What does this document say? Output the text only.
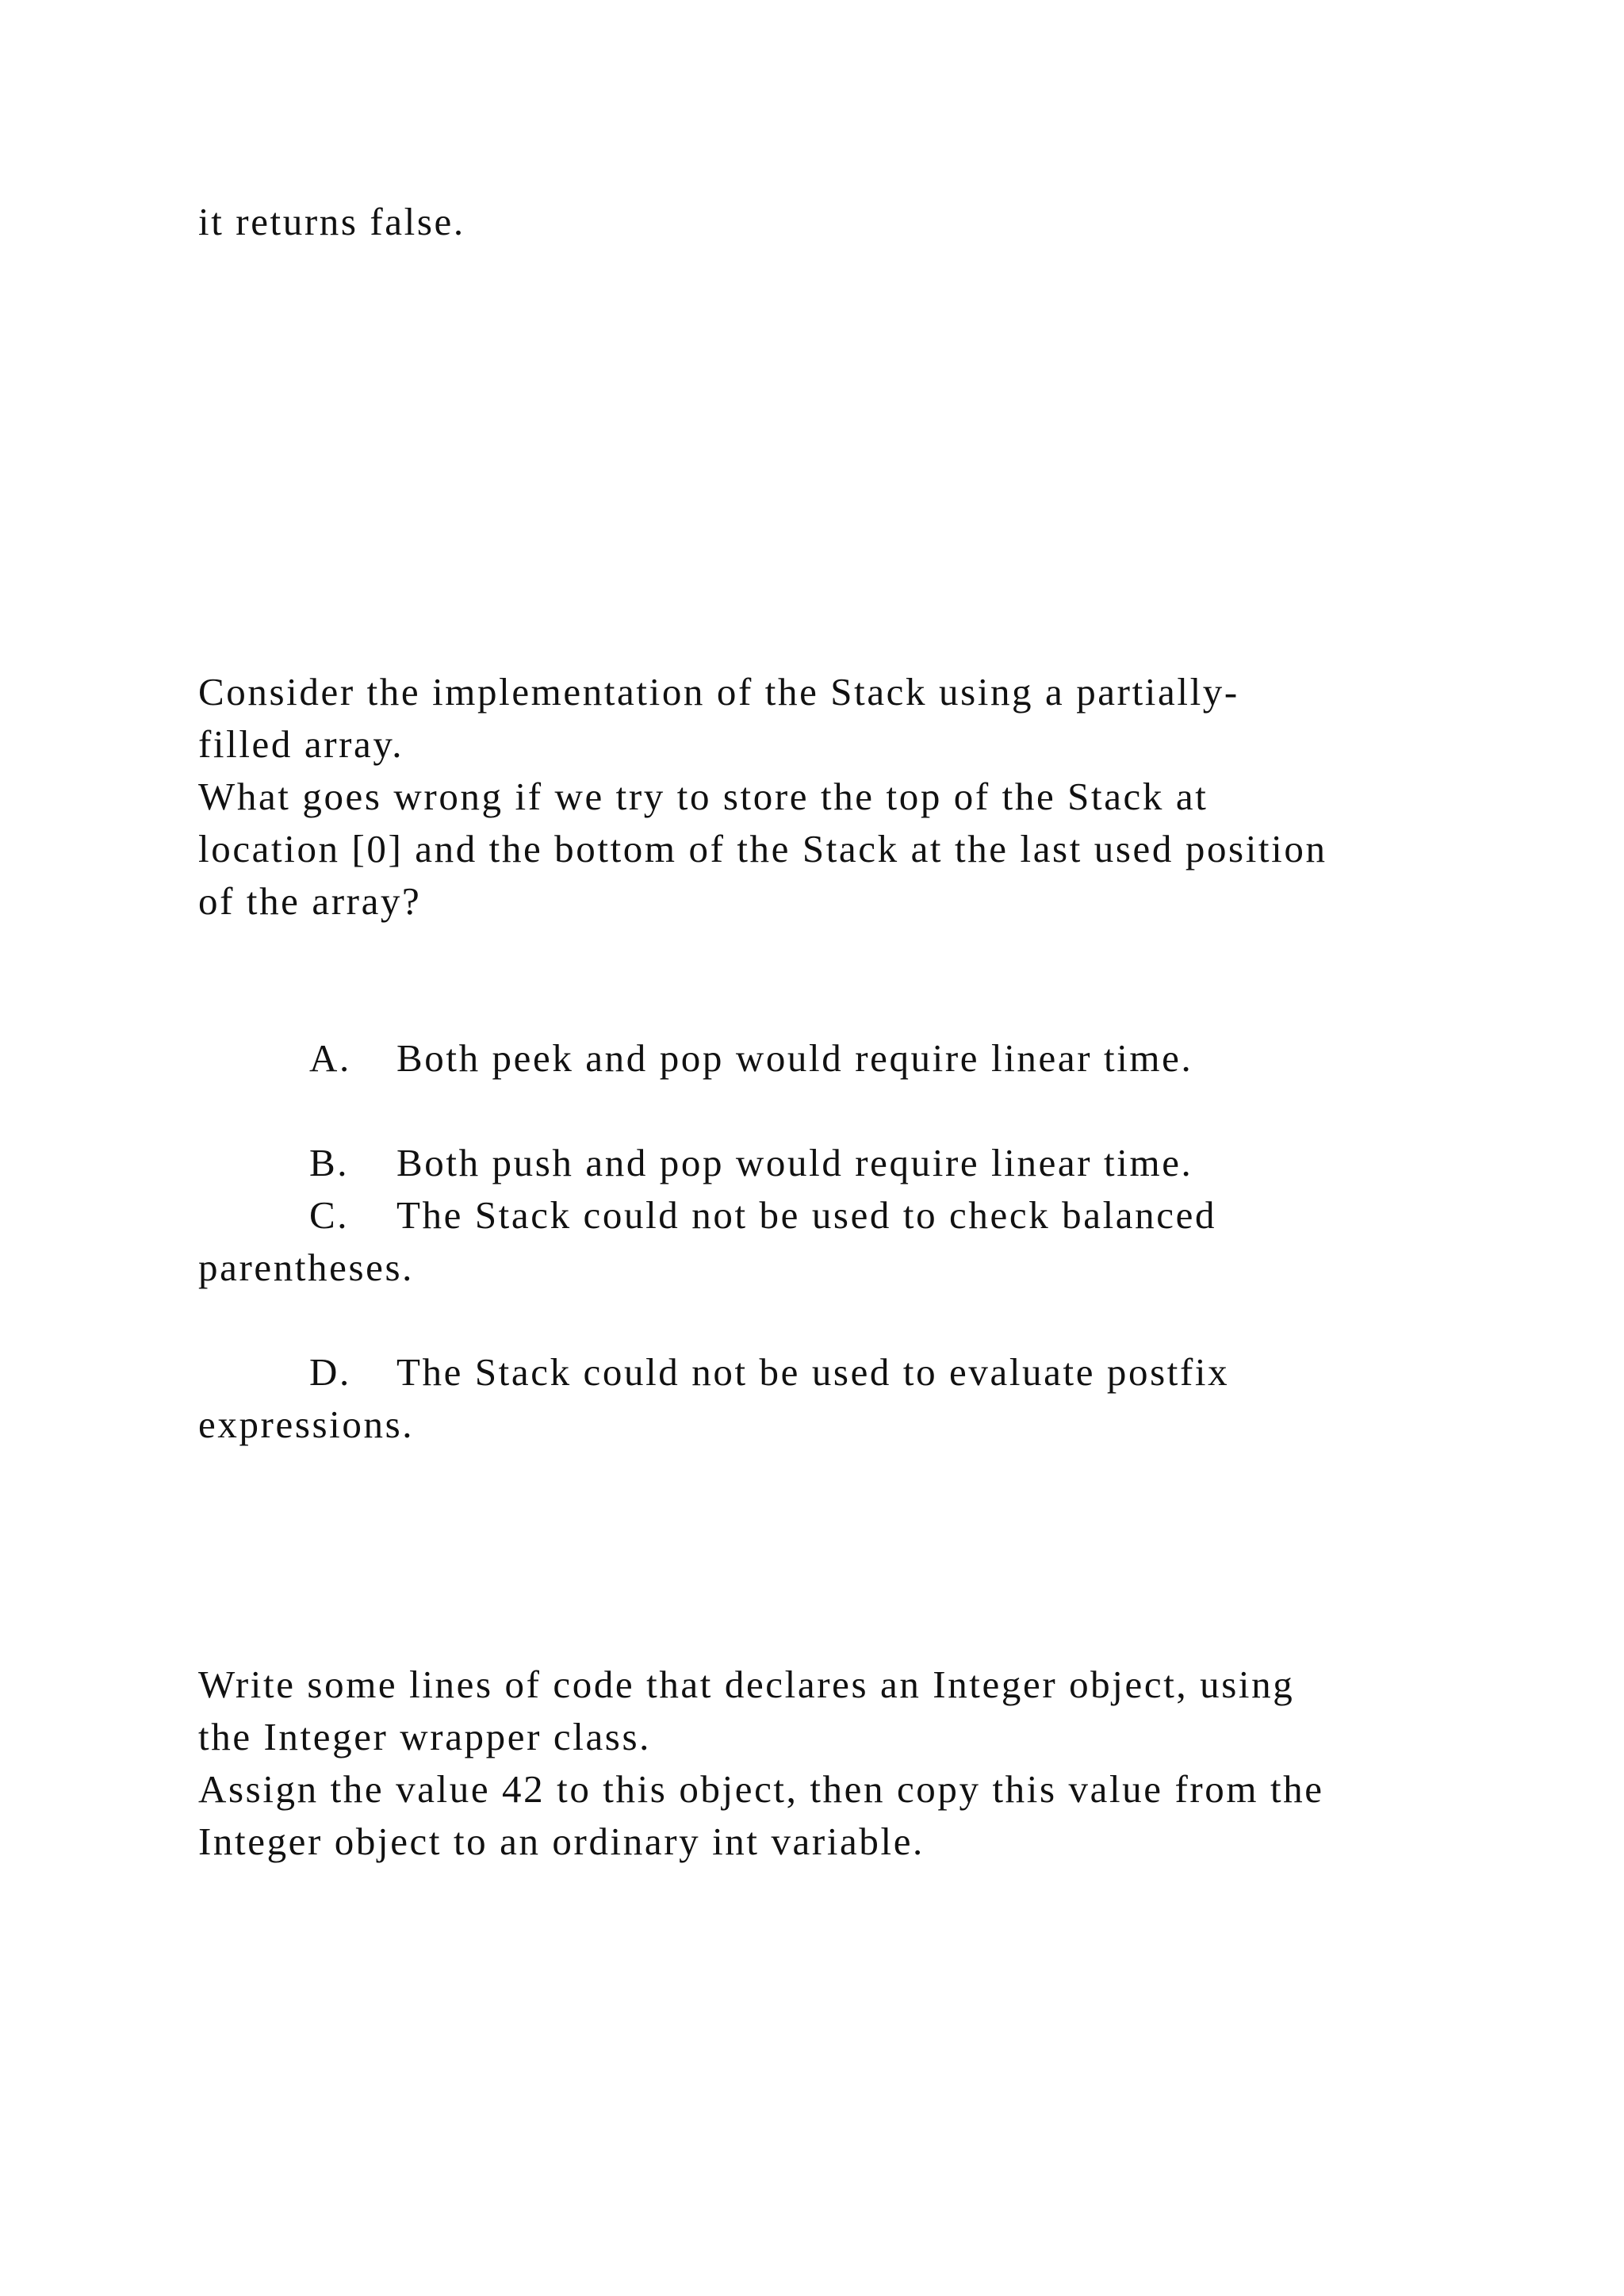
it returns false.
Consider the implementation of the Stack using a partially-
filled array.
What goes wrong if we try to store the top of the Stack at
location [0] and the bottom of the Stack at the last used position
of the array?
A. Both peek and pop would require linear time.
B. Both push and pop would require linear time.
C. The Stack could not be used to check balanced
parentheses.
D. The Stack could not be used to evaluate postfix
expressions.
Write some lines of code that declares an Integer object, using
the Integer wrapper class.
Assign the value 42 to this object, then copy this value from the
Integer object to an ordinary int variable.
